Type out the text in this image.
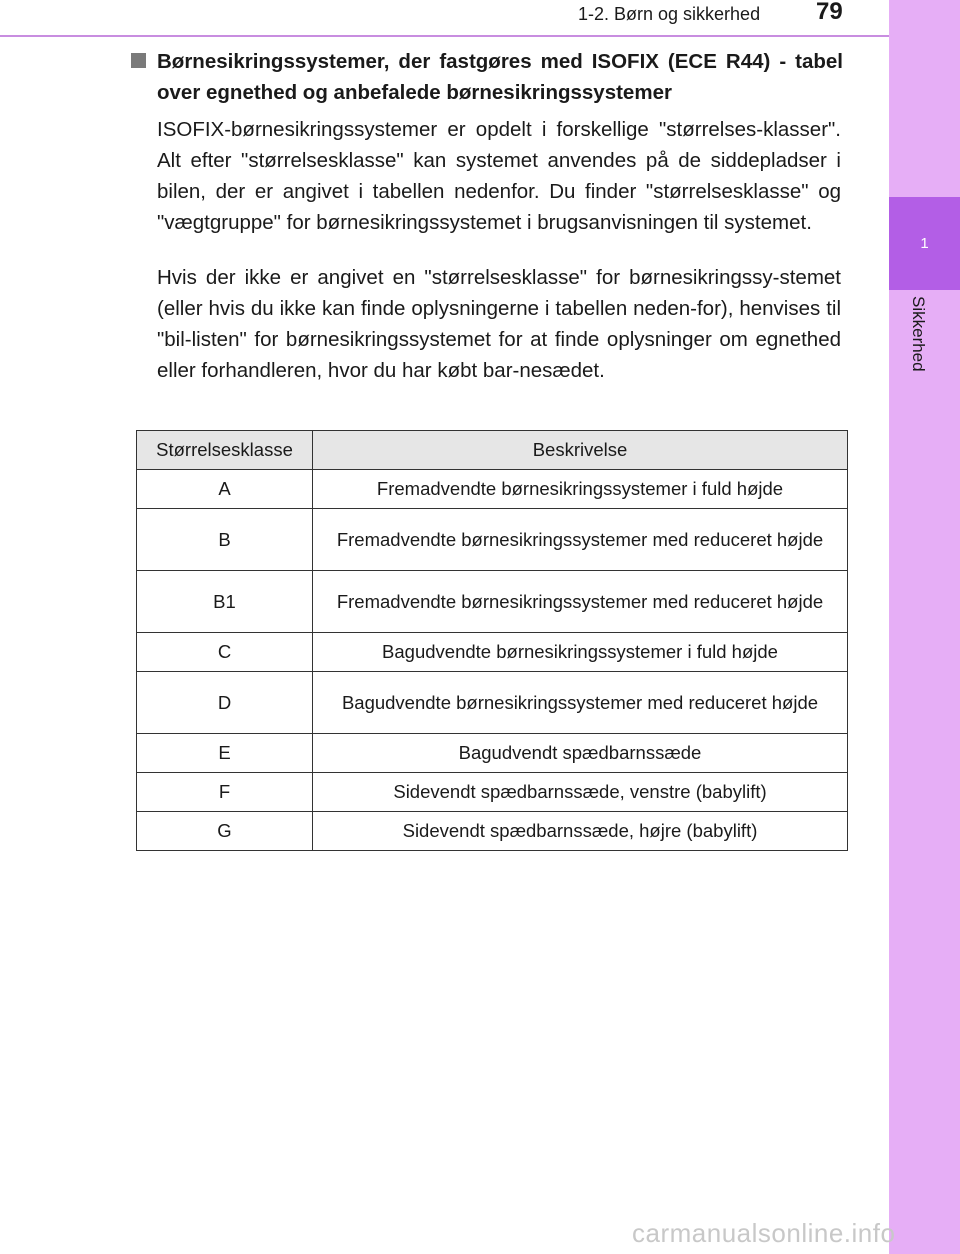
1
Sikkerhed
1-2. Børn og sikkerhed 79
Børnesikringssystemer, der fastgøres med ISOFIX (ECE R44) - tabel over egnethed og anbefalede børnesikringssystemer
ISOFIX-børnesikringssystemer er opdelt i forskellige "størrelses-klasser". Alt efter "størrelsesklasse" kan systemet anvendes på de siddepladser i bilen, der er angivet i tabellen nedenfor. Du finder "størrelsesklasse" og "vægtgruppe" for børnesikringssystemet i brugsanvisningen til systemet.
Hvis der ikke er angivet en "størrelsesklasse" for børnesikringssy-stemet (eller hvis du ikke kan finde oplysningerne i tabellen neden-for), henvises til "bil-listen" for børnesikringssystemet for at finde oplysninger om egnethed eller forhandleren, hvor du har købt bar-nesædet.
Størrelsesklasse	Beskrivelse
A	Fremadvendte børnesikringssystemer i fuld højde
B	Fremadvendte børnesikringssystemer med reduceret højde
B1	Fremadvendte børnesikringssystemer med reduceret højde
C	Bagudvendte børnesikringssystemer i fuld højde
D	Bagudvendte børnesikringssystemer med reduceret højde
E	Bagudvendt spædbarnssæde
F	Sidevendt spædbarnssæde, venstre (babylift)
G	Sidevendt spædbarnssæde, højre (babylift)
carmanualsonline.info
